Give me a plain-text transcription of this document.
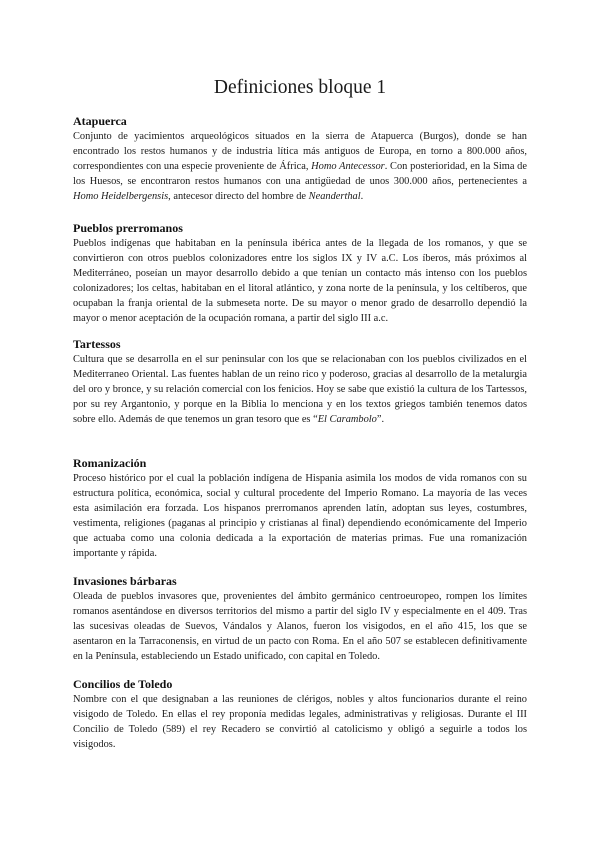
Definiciones bloque 1
Atapuerca

Conjunto de yacimientos arqueológicos situados en la sierra de Atapuerca (Burgos), donde se han encontrado los restos humanos y de industria lítica más antiguos de Europa, en torno a 800.000 años, correspondientes con una especie proveniente de África, Homo Antecessor. Con posterioridad, en la Sima de los Huesos, se encontraron restos humanos con una antigüedad de unos 300.000 años, pertenecientes a Homo Heidelbergensis, antecesor directo del hombre de Neanderthal.

Pueblos prerromanos

Pueblos indígenas que habitaban en la península ibérica antes de la llegada de los romanos, y que se convirtieron con otros pueblos colonizadores entre los siglos IX y IV a.C. Los íberos, más próximos al Mediterráneo, poseían un mayor desarrollo debido a que tenían un contacto más intenso con los pueblos colonizadores; los celtas, habitaban en el litoral atlántico, y zona norte de la península, y los celtíberos, que ocupaban la franja oriental de la submeseta norte. De su mayor o menor grado de desarrollo dependió la mayor o menor aceptación de la ocupación romana, a partir del siglo III a.c.

Tartessos

Cultura que se desarrolla en el sur peninsular con los que se relacionaban con los pueblos civilizados en el Mediterraneo Oriental. Las fuentes hablan de un reino rico y poderoso, gracias al desarrollo de la metalurgia del oro y bronce, y su relación comercial con los fenicios. Hoy se sabe que existió la cultura de los Tartessos, por su rey Argantonio, y porque en la Biblia lo menciona y en los textos griegos también tenemos datos sobre ello. Además de que tenemos un gran tesoro que es “El Carambolo”.

Romanización

Proceso histórico por el cual la población indígena de Hispania asimila los modos de vida romanos con su estructura política, económica, social y cultural procedente del Imperio Romano. La mayoría de las veces esta asimilación era forzada. Los hispanos prerromanos aprenden latín, adoptan sus leyes, costumbres, vestimenta, religiones (paganas al principio y cristianas al final) dependiendo económicamente del Imperio que actuaba como una colonia dedicada a la exportación de materias primas. Fue una romanización importante y rápida.

Invasiones bárbaras

Oleada de pueblos invasores que, provenientes del ámbito germánico centroeuropeo, rompen los límites romanos asentándose en diversos territorios del mismo a partir del siglo IV y especialmente en el 409. Tras las sucesivas oleadas de Suevos, Vándalos y Alanos, fueron los visigodos, en el año 415, los que se asentaron en la Tarraconensis, en virtud de un pacto con Roma. En el año 507 se establecen definitivamente en la Península, estableciendo un Estado unificado, con capital en Toledo.

Concilios de Toledo

Nombre con el que designaban a las reuniones de clérigos, nobles y altos funcionarios durante el reino visigodo de Toledo. En ellas el rey proponía medidas legales, administrativas y religiosas. Durante el III Concilio de Toledo (589) el rey Recadero se convirtió al catolicismo y obligó a seguirle a todos los visigodos.
